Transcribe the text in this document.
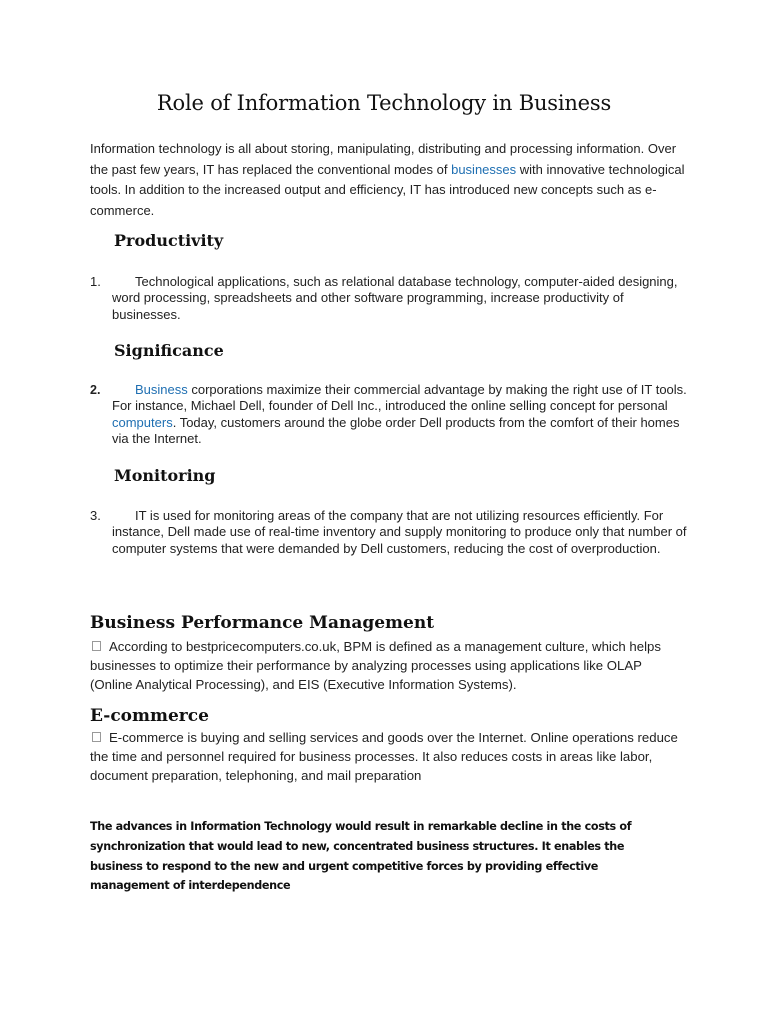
Role of Information Technology in Business
Information technology is all about storing, manipulating, distributing and processing information. Over the past few years, IT has replaced the conventional modes of businesses with innovative technological tools. In addition to the increased output and efficiency, IT has introduced new concepts such as e-commerce.
Productivity
1.	Technological applications, such as relational database technology, computer-aided designing, word processing, spreadsheets and other software programming, increase productivity of businesses.
Significance
2.	Business corporations maximize their commercial advantage by making the right use of IT tools. For instance, Michael Dell, founder of Dell Inc., introduced the online selling concept for personal computers. Today, customers around the globe order Dell products from the comfort of their homes via the Internet.
Monitoring
3.	IT is used for monitoring areas of the company that are not utilizing resources efficiently. For instance, Dell made use of real-time inventory and supply monitoring to produce only that number of computer systems that were demanded by Dell customers, reducing the cost of overproduction.
Business Performance Management
According to bestpricecomputers.co.uk, BPM is defined as a management culture, which helps businesses to optimize their performance by analyzing processes using applications like OLAP (Online Analytical Processing), and EIS (Executive Information Systems).
E-commerce
E-commerce is buying and selling services and goods over the Internet. Online operations reduce the time and personnel required for business processes. It also reduces costs in areas like labor, document preparation, telephoning, and mail preparation
The advances in Information Technology would result in remarkable decline in the costs of synchronization that would lead to new, concentrated business structures. It enables the business to respond to the new and urgent competitive forces by providing effective management of interdependence
